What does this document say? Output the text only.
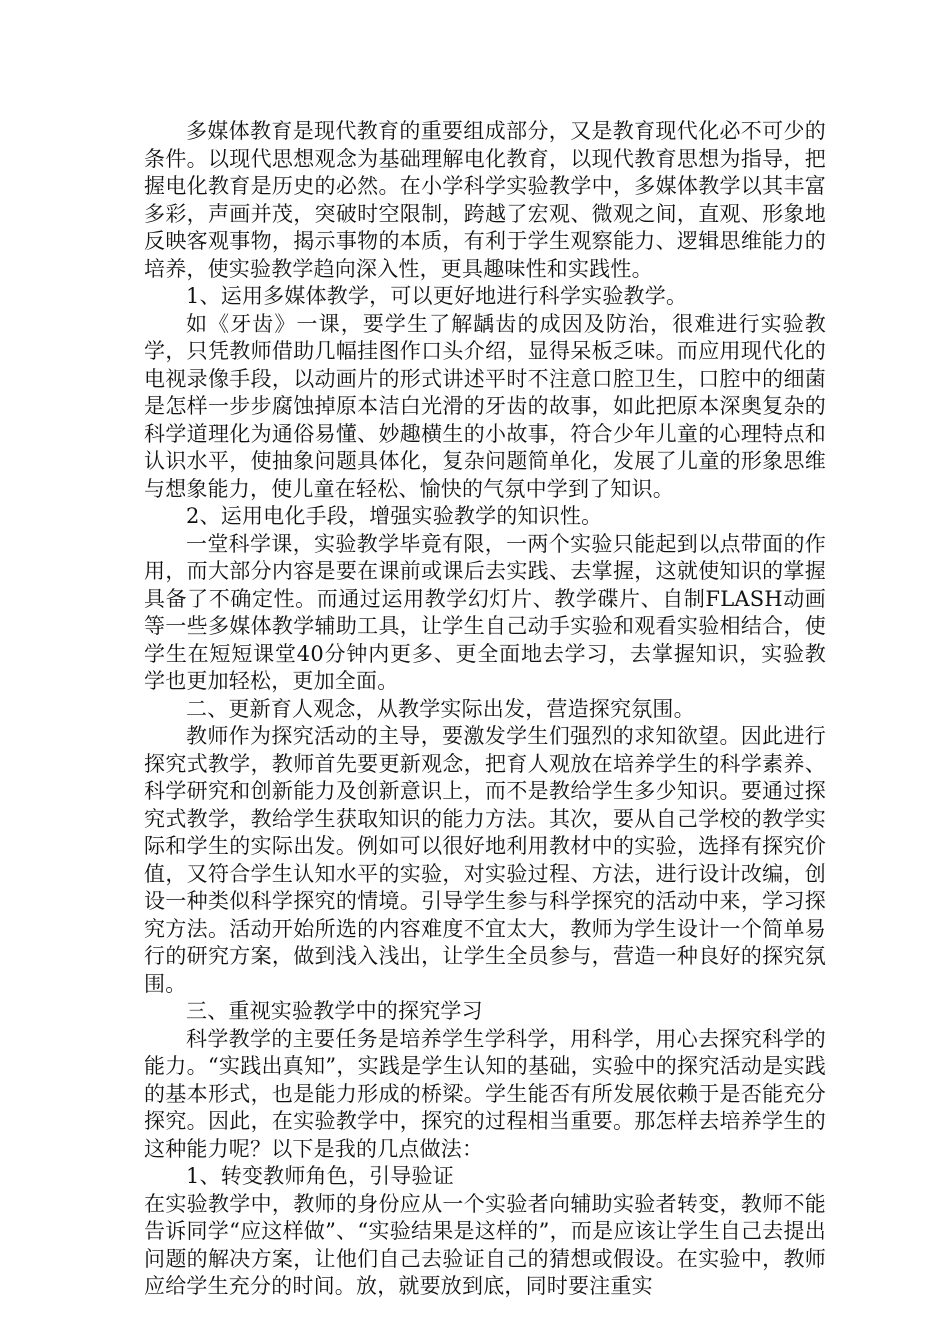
多媒体教育是现代教育的重要组成部分，又是教育现代化必不可少的条件。以现代思想观念为基础理解电化教育，以现代教育思想为指导，把握电化教育是历史的必然。在小学科学实验教学中，多媒体教学以其丰富多彩，声画并茂，突破时空限制，跨越了宏观、微观之间，直观、形象地反映客观事物，揭示事物的本质，有利于学生观察能力、逻辑思维能力的培养，使实验教学趋向深入性，更具趣味性和实践性。

1、运用多媒体教学，可以更好地进行科学实验教学。

如《牙齿》一课，要学生了解龋齿的成因及防治，很难进行实验教学，只凭教师借助几幅挂图作口头介绍，显得呆板乏味。而应用现代化的电视录像手段，以动画片的形式讲述平时不注意口腔卫生，口腔中的细菌是怎样一步步腐蚀掉原本洁白光滑的牙齿的故事，如此把原本深奥复杂的科学道理化为通俗易懂、妙趣横生的小故事，符合少年儿童的心理特点和认识水平，使抽象问题具体化，复杂问题简单化，发展了儿童的形象思维与想象能力，使儿童在轻松、愉快的气氛中学到了知识。

2、运用电化手段，增强实验教学的知识性。

一堂科学课，实验教学毕竟有限，一两个实验只能起到以点带面的作用，而大部分内容是要在课前或课后去实践、去掌握，这就使知识的掌握具备了不确定性。而通过运用教学幻灯片、教学碟片、自制FLASH动画等一些多媒体教学辅助工具，让学生自己动手实验和观看实验相结合，使学生在短短课堂40分钟内更多、更全面地去学习，去掌握知识，实验教学也更加轻松，更加全面。

二、更新育人观念，从教学实际出发，营造探究氛围。

教师作为探究活动的主导，要激发学生们强烈的求知欲望。因此进行探究式教学，教师首先要更新观念，把育人观放在培养学生的科学素养、科学研究和创新能力及创新意识上，而不是教给学生多少知识。要通过探究式教学，教给学生获取知识的能力方法。其次，要从自己学校的教学实际和学生的实际出发。例如可以很好地利用教材中的实验，选择有探究价值，又符合学生认知水平的实验，对实验过程、方法，进行设计改编，创设一种类似科学探究的情境。引导学生参与科学探究的活动中来，学习探究方法。活动开始所选的内容难度不宜太大，教师为学生设计一个简单易行的研究方案，做到浅入浅出，让学生全员参与，营造一种良好的探究氛围。

三、重视实验教学中的探究学习

科学教学的主要任务是培养学生学科学，用科学，用心去探究科学的能力。“实践出真知”，实践是学生认知的基础，实验中的探究活动是实践的基本形式，也是能力形成的桥梁。学生能否有所发展依赖于是否能充分探究。因此，在实验教学中，探究的过程相当重要。那怎样去培养学生的这种能力呢？以下是我的几点做法：

1、转变教师角色，引导验证

在实验教学中，教师的身份应从一个实验者向辅助实验者转变，教师不能告诉同学“应这样做”、“实验结果是这样的”，而是应该让学生自己去提出问题的解决方案，让他们自己去验证自己的猜想或假设。在实验中，教师应给学生充分的时间。放，就要放到底，同时要注重实
